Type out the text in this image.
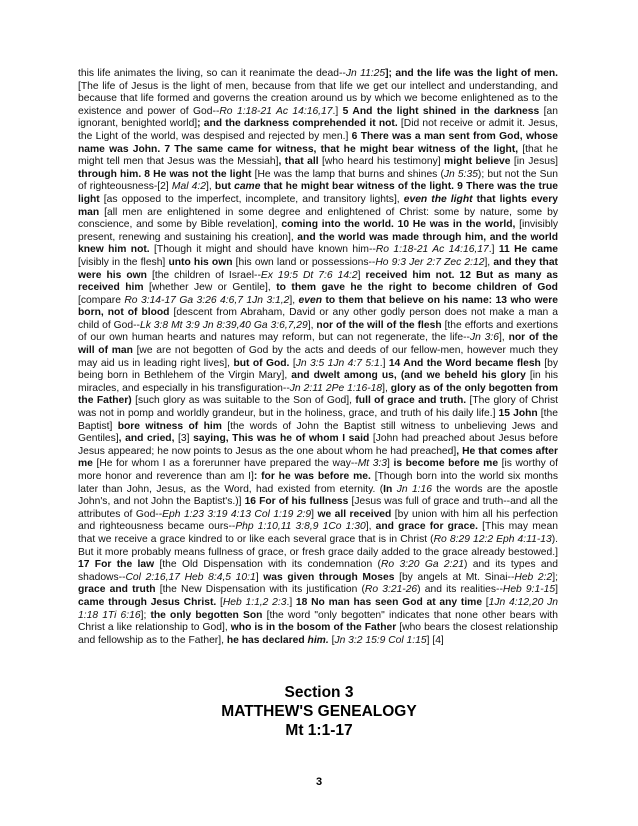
this life animates the living, so can it reanimate the dead--Jn 11:25]; and the life was the light of men. [The life of Jesus is the light of men, because from that life we get our intellect and understanding, and because that life formed and governs the creation around us by which we become enlightened as to the existence and power of God--Ro 1:18-21 Ac 14:16,17.] 5 And the light shined in the darkness [an ignorant, benighted world]; and the darkness comprehended it not. [Did not receive or admit it. Jesus, the Light of the world, was despised and rejected by men.] 6 There was a man sent from God, whose name was John. 7 The same came for witness, that he might bear witness of the light, [that he might tell men that Jesus was the Messiah], that all [who heard his testimony] might believe [in Jesus] through him. 8 He was not the light [He was the lamp that burns and shines (Jn 5:35); but not the Sun of righteousness-[2] Mal 4:2], but came that he might bear witness of the light. 9 There was the true light [as opposed to the imperfect, incomplete, and transitory lights], even the light that lights every man [all men are enlightened in some degree and enlightened of Christ: some by nature, some by conscience, and some by Bible revelation], coming into the world. 10 He was in the world, [invisibly present, renewing and sustaining his creation], and the world was made through him, and the world knew him not. [Though it might and should have known him--Ro 1:18-21 Ac 14:16,17.] 11 He came [visibly in the flesh] unto his own [his own land or possessions--Ho 9:3 Jer 2:7 Zec 2:12], and they that were his own [the children of Israel--Ex 19:5 Dt 7:6 14:2] received him not. 12 But as many as received him [whether Jew or Gentile], to them gave he the right to become children of God [compare Ro 3:14-17 Ga 3:26 4:6,7 1Jn 3:1,2], even to them that believe on his name: 13 who were born, not of blood [descent from Abraham, David or any other godly person does not make a man a child of God--Lk 3:8 Mt 3:9 Jn 8:39,40 Ga 3:6,7,29], nor of the will of the flesh [the efforts and exertions of our own human hearts and natures may reform, but can not regenerate, the life--Jn 3:6], nor of the will of man [we are not begotten of God by the acts and deeds of our fellow-men, however much they may aid us in leading right lives], but of God. [Jn 3:5 1Jn 4:7 5:1.] 14 And the Word became flesh [by being born in Bethlehem of the Virgin Mary], and dwelt among us, (and we beheld his glory [in his miracles, and especially in his transfiguration--Jn 2:11 2Pe 1:16-18], glory as of the only begotten from the Father) [such glory as was suitable to the Son of God], full of grace and truth. [The glory of Christ was not in pomp and worldly grandeur, but in the holiness, grace, and truth of his daily life.] 15 John [the Baptist] bore witness of him [the words of John the Baptist still witness to unbelieving Jews and Gentiles], and cried, [3] saying, This was he of whom I said [John had preached about Jesus before Jesus appeared; he now points to Jesus as the one about whom he had preached], He that comes after me [He for whom I as a forerunner have prepared the way--Mt 3:3] is become before me [is worthy of more honor and reverence than am I]: for he was before me. [Though born into the world six months later than John, Jesus, as the Word, had existed from eternity. (In Jn 1:16 the words are the apostle John's, and not John the Baptist's.)] 16 For of his fullness [Jesus was full of grace and truth--and all the attributes of God--Eph 1:23 3:19 4:13 Col 1:19 2:9] we all received [by union with him all his perfection and righteousness became ours--Php 1:10,11 3:8,9 1Co 1:30], and grace for grace. [This may mean that we receive a grace kindred to or like each several grace that is in Christ (Ro 8:29 12:2 Eph 4:11-13). But it more probably means fullness of grace, or fresh grace daily added to the grace already bestowed.] 17 For the law [the Old Dispensation with its condemnation (Ro 3:20 Ga 2:21) and its types and shadows--Col 2:16,17 Heb 8:4,5 10:1] was given through Moses [by angels at Mt. Sinai--Heb 2:2]; grace and truth [the New Dispensation with its justification (Ro 3:21-26) and its realities--Heb 9:1-15] came through Jesus Christ. [Heb 1:1,2 2:3.] 18 No man has seen God at any time [1Jn 4:12,20 Jn 1:18 1Ti 6:16]; the only begotten Son [the word "only begotten" indicates that none other bears with Christ a like relationship to God], who is in the bosom of the Father [who bears the closest relationship and fellowship as to the Father], he has declared him. [Jn 3:2 15:9 Col 1:15] [4]
Section 3
MATTHEW'S GENEALOGY
Mt 1:1-17
3
